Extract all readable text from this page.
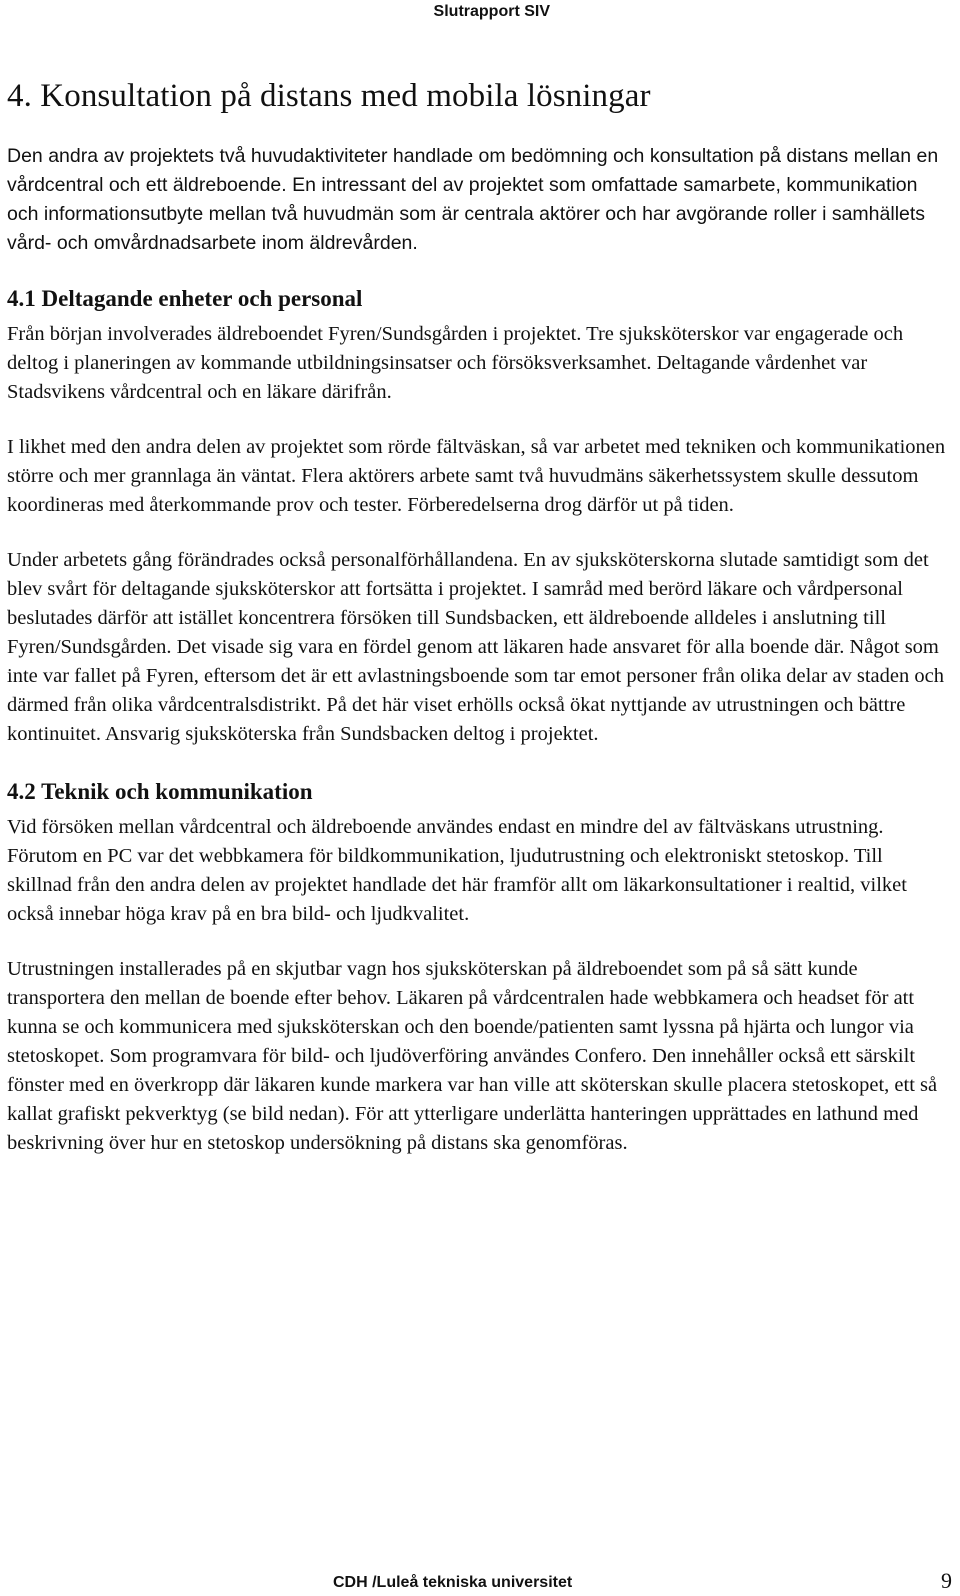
Slutrapport SIV
4. Konsultation på distans med mobila lösningar

Den andra av projektets två huvudaktiviteter handlade om bedömning och konsultation på distans mellan en vårdcentral och ett äldreboende. En intressant del av projektet som omfattade samarbete, kommunikation och informationsutbyte mellan två huvudmän som är centrala aktörer och har avgörande roller i samhällets vård- och omvårdnadsarbete inom äldrevården.

4.1 Deltagande enheter och personal

Från början involverades äldreboendet Fyren/Sundsgården i projektet. Tre sjuksköterskor var engagerade och deltog i planeringen av kommande utbildningsinsatser och försöksverksamhet. Deltagande vårdenhet var Stadsvikens vårdcentral och en läkare därifrån.

I likhet med den andra delen av projektet som rörde fältväskan, så var arbetet med tekniken och kommunikationen större och mer grannlaga än väntat. Flera aktörers arbete samt två huvudmäns säkerhetssystem skulle dessutom koordineras med återkommande prov och tester. Förberedelserna drog därför ut på tiden.

Under arbetets gång förändrades också personalförhållandena. En av sjuksköterskorna slutade samtidigt som det blev svårt för deltagande sjuksköterskor att fortsätta i projektet. I samråd med berörd läkare och vårdpersonal beslutades därför att istället koncentrera försöken till Sundsbacken, ett äldreboende alldeles i anslutning till Fyren/Sundsgården. Det visade sig vara en fördel genom att läkaren hade ansvaret för alla boende där. Något som inte var fallet på Fyren, eftersom det är ett avlastningsboende som tar emot personer från olika delar av staden och därmed från olika vårdcentralsdistrikt. På det här viset erhölls också ökat nyttjande av utrustningen och bättre kontinuitet. Ansvarig sjuksköterska från Sundsbacken deltog i projektet.

4.2 Teknik och kommunikation

Vid försöken mellan vårdcentral och äldreboende användes endast en mindre del av fältväskans utrustning. Förutom en PC var det webbkamera för bildkommunikation, ljudutrustning och elektroniskt stetoskop. Till skillnad från den andra delen av projektet handlade det här framför allt om läkarkonsultationer i realtid, vilket också innebar höga krav på en bra bild- och ljudkvalitet.

Utrustningen installerades på en skjutbar vagn hos sjuksköterskan på äldreboendet som på så sätt kunde transportera den mellan de boende efter behov. Läkaren på vårdcentralen hade webbkamera och headset för att kunna se och kommunicera med sjuksköterskan och den boende/patienten samt lyssna på hjärta och lungor via stetoskopet. Som programvara för bild- och ljudöverföring användes Confero. Den innehåller också ett särskilt fönster med en överkropp där läkaren kunde markera var han ville att sköterskan skulle placera stetoskopet, ett så kallat grafiskt pekverktyg (se bild nedan). För att ytterligare underlätta hanteringen upprättades en lathund med beskrivning över hur en stetoskop undersökning på distans ska genomföras.

CDH /Luleå tekniska universitet	9
